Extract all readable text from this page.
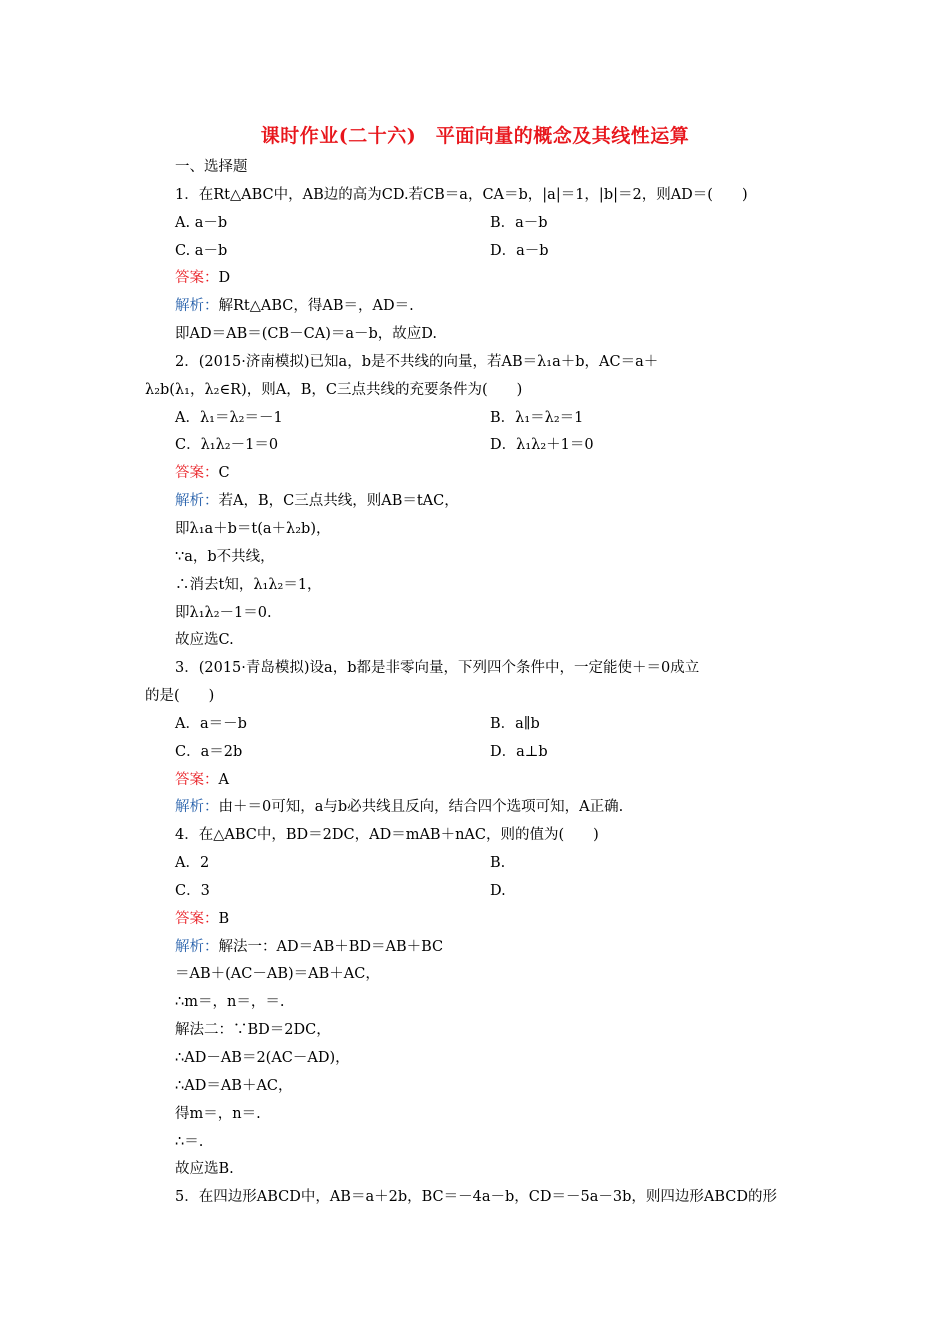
课时作业(二十六)　平面向量的概念及其线性运算
一、选择题
1．在Rt△ABC中，AB边的高为CD.若CB＝a，CA＝b，|a|＝1，|b|＝2，则AD＝(　　)
A. a－b	B．a－b
C. a－b	D．a－b
答案：D
解析：解Rt△ABC，得AB＝，AD＝.
即AD＝AB＝(CB－CA)＝a－b，故应D.
2．(2015·济南模拟)已知a，b是不共线的向量，若AB＝λ₁a＋b，AC＝a＋
λ₂b(λ₁，λ₂∈R)，则A，B，C三点共线的充要条件为(　　)
A．λ₁＝λ₂＝－1	B．λ₁＝λ₂＝1
C．λ₁λ₂－1＝0	D．λ₁λ₂＋1＝0
答案：C
解析：若A，B，C三点共线，则AB＝tAC，
即λ₁a＋b＝t(a＋λ₂b)，
∵a，b不共线，
∴消去t知，λ₁λ₂＝1，
即λ₁λ₂－1＝0.
故应选C.
3．(2015·青岛模拟)设a，b都是非零向量，下列四个条件中，一定能使＋＝0成立
的是(　　)
A．a＝－b	B．a∥b
C．a＝2b	D．a⊥b
答案：A
解析：由＋＝0可知，a与b必共线且反向，结合四个选项可知，A正确.
4．在△ABC中，BD＝2DC，AD＝mAB＋nAC，则的值为(　　)
A．2	B.
C．3	D.
答案：B
解析：解法一：AD＝AB＋BD＝AB＋BC
＝AB＋(AC－AB)＝AB＋AC，
∴m＝，n＝，＝.
解法二：∵BD＝2DC，
∴AD－AB＝2(AC－AD)，
∴AD＝AB＋AC，
得m＝，n＝.
∴＝.
故应选B.
5．在四边形ABCD中，AB＝a＋2b，BC＝－4a－b，CD＝－5a－3b，则四边形ABCD的形
